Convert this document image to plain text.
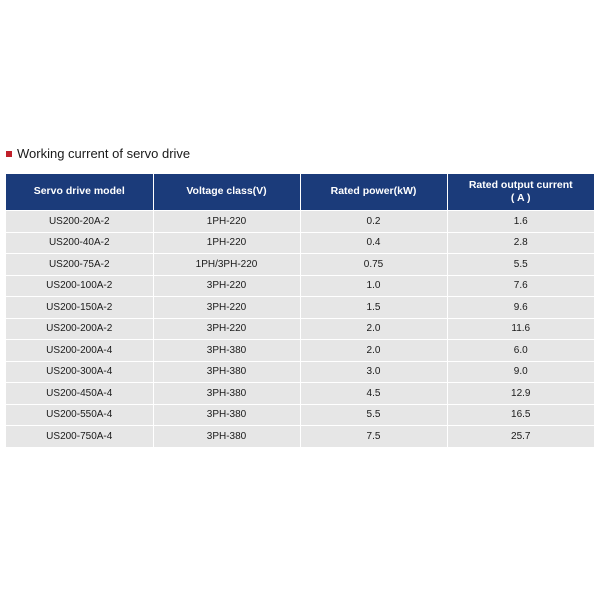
Working current of servo drive
Servo drive model	Voltage class(V)	Rated power(kW)	Rated output current
( A )

US200-20A-2	1PH-220	0.2	1.6
US200-40A-2	1PH-220	0.4	2.8
US200-75A-2	1PH/3PH-220	0.75	5.5
US200-100A-2	3PH-220	1.0	7.6
US200-150A-2	3PH-220	1.5	9.6
US200-200A-2	3PH-220	2.0	11.6
US200-200A-4	3PH-380	2.0	6.0
US200-300A-4	3PH-380	3.0	9.0
US200-450A-4	3PH-380	4.5	12.9
US200-550A-4	3PH-380	5.5	16.5
US200-750A-4	3PH-380	7.5	25.7
